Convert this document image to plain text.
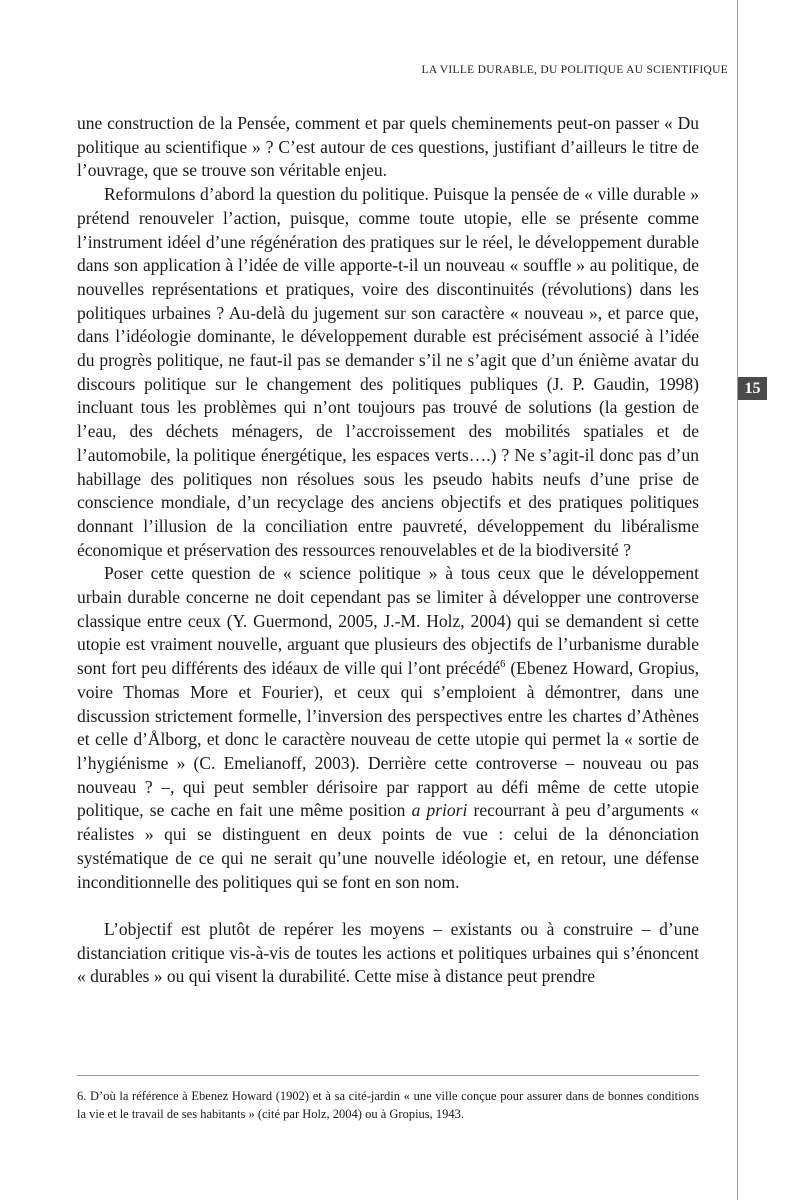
LA VILLE DURABLE, DU POLITIQUE AU SCIENTIFIQUE
15

une construction de la Pensée, comment et par quels cheminements peut-on passer « Du politique au scientifique » ? C’est autour de ces questions, justifiant d’ailleurs le titre de l’ouvrage, que se trouve son véritable enjeu.

Reformulons d’abord la question du politique. Puisque la pensée de « ville durable » prétend renouveler l’action, puisque, comme toute utopie, elle se présente comme l’instrument idéel d’une régénération des pratiques sur le réel, le développement durable dans son application à l’idée de ville apporte-t-il un nouveau « souffle » au politique, de nouvelles représentations et pratiques, voire des discontinuités (révolutions) dans les politiques urbaines ? Au-delà du jugement sur son caractère « nouveau », et parce que, dans l’idéologie dominante, le développement durable est précisément associé à l’idée du progrès politique, ne faut-il pas se demander s’il ne s’agit que d’un énième avatar du discours politique sur le changement des politiques publiques (J. P. Gaudin, 1998) incluant tous les problèmes qui n’ont toujours pas trouvé de solutions (la gestion de l’eau, des déchets ménagers, de l’accroissement des mobilités spatiales et de l’automobile, la politique énergétique, les espaces verts….) ? Ne s’agit-il donc pas d’un habillage des politiques non résolues sous les pseudo habits neufs d’une prise de conscience mondiale, d’un recyclage des anciens objectifs et des pratiques politiques donnant l’illusion de la conciliation entre pauvreté, développement du libéralisme économique et préservation des ressources renouvelables et de la biodiversité ?

Poser cette question de « science politique » à tous ceux que le développement urbain durable concerne ne doit cependant pas se limiter à développer une controverse classique entre ceux (Y. Guermond, 2005, J.-M. Holz, 2004) qui se demandent si cette utopie est vraiment nouvelle, arguant que plusieurs des objectifs de l’urbanisme durable sont fort peu différents des idéaux de ville qui l’ont précédé$^6$ (Ebenez Howard, Gropius, voire Thomas More et Fourier), et ceux qui s’emploient à démontrer, dans une discussion strictement formelle, l’inversion des perspectives entre les chartes d’Athènes et celle d’Ålborg, et donc le caractère nouveau de cette utopie qui permet la « sortie de l’hygiénisme » (C. Emelianoff, 2003). Derrière cette controverse – nouveau ou pas nouveau ? –, qui peut sembler dérisoire par rapport au défi même de cette utopie politique, se cache en fait une même position a priori recourrant à peu d’arguments « réalistes » qui se distinguent en deux points de vue : celui de la dénonciation systématique de ce qui ne serait qu’une nouvelle idéologie et, en retour, une défense inconditionnelle des politiques qui se font en son nom.

L’objectif est plutôt de repérer les moyens – existants ou à construire – d’une distanciation critique vis-à-vis de toutes les actions et politiques urbaines qui s’énoncent « durables » ou qui visent la durabilité. Cette mise à distance peut prendre

6. D’où la référence à Ebenez Howard (1902) et à sa cité-jardin « une ville conçue pour assurer dans de bonnes conditions la vie et le travail de ses habitants » (cité par Holz, 2004) ou à Gropius, 1943.
